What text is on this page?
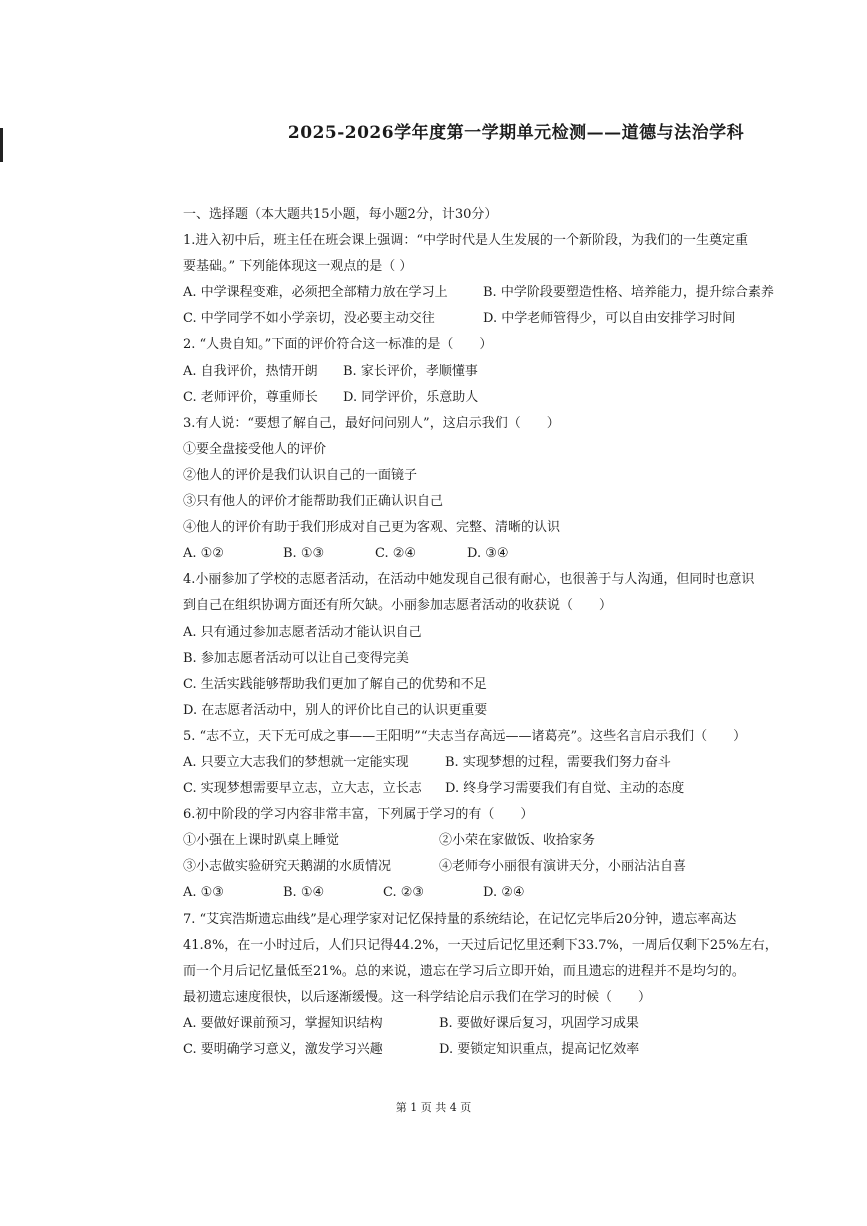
2025-2026学年度第一学期单元检测——道德与法治学科
一、选择题（本大题共15小题，每小题2分，计30分）
1.进入初中后，班主任在班会课上强调：“中学时代是人生发展的一个新阶段，为我们的一生奠定重
要基础。” 下列能体现这一观点的是（ ）
A. 中学课程变难，必须把全部精力放在学习上	B. 中学阶段要塑造性格、培养能力，提升综合素养
C. 中学同学不如小学亲切，没必要主动交往	D. 中学老师管得少，可以自由安排学习时间
2. “人贵自知。”下面的评价符合这一标准的是（　　）
A. 自我评价，热情开朗	B. 家长评价，孝顺懂事
C. 老师评价，尊重师长	D. 同学评价，乐意助人
3.有人说：“要想了解自己，最好问问别人”，这启示我们（　　）
①要全盘接受他人的评价
②他人的评价是我们认识自己的一面镜子
③只有他人的评价才能帮助我们正确认识自己
④他人的评价有助于我们形成对自己更为客观、完整、清晰的认识
A. ①②	B. ①③	C. ②④	D. ③④
4.小丽参加了学校的志愿者活动，在活动中她发现自己很有耐心，也很善于与人沟通，但同时也意识
到自己在组织协调方面还有所欠缺。小丽参加志愿者活动的收获说（　　）
A. 只有通过参加志愿者活动才能认识自己
B. 参加志愿者活动可以让自己变得完美
C. 生活实践能够帮助我们更加了解自己的优势和不足
D. 在志愿者活动中，别人的评价比自己的认识更重要
5. “志不立，天下无可成之事——王阳明”“夫志当存高远——诸葛亮”。这些名言启示我们（　　）
A. 只要立大志我们的梦想就一定能实现	B. 实现梦想的过程，需要我们努力奋斗
C. 实现梦想需要早立志，立大志，立长志	D. 终身学习需要我们有自觉、主动的态度
6.初中阶段的学习内容非常丰富，下列属于学习的有（　　）
①小强在上课时趴桌上睡觉	②小荣在家做饭、收拾家务
③小志做实验研究天鹅湖的水质情况	④老师夸小丽很有演讲天分，小丽沾沾自喜
A. ①③	B. ①④	C. ②③	D. ②④
7. “艾宾浩斯遗忘曲线”是心理学家对记忆保持量的系统结论，在记忆完毕后20分钟，遗忘率高达
41.8%，在一小时过后，人们只记得44.2%，一天过后记忆里还剩下33.7%，一周后仅剩下25%左右，
而一个月后记忆量低至21%。总的来说，遗忘在学习后立即开始，而且遗忘的进程并不是均匀的。
最初遗忘速度很快，以后逐渐缓慢。这一科学结论启示我们在学习的时候（　　）
A. 要做好课前预习，掌握知识结构	B. 要做好课后复习，巩固学习成果
C. 要明确学习意义，激发学习兴趣	D. 要锁定知识重点，提高记忆效率
第 1 页 共 4 页
